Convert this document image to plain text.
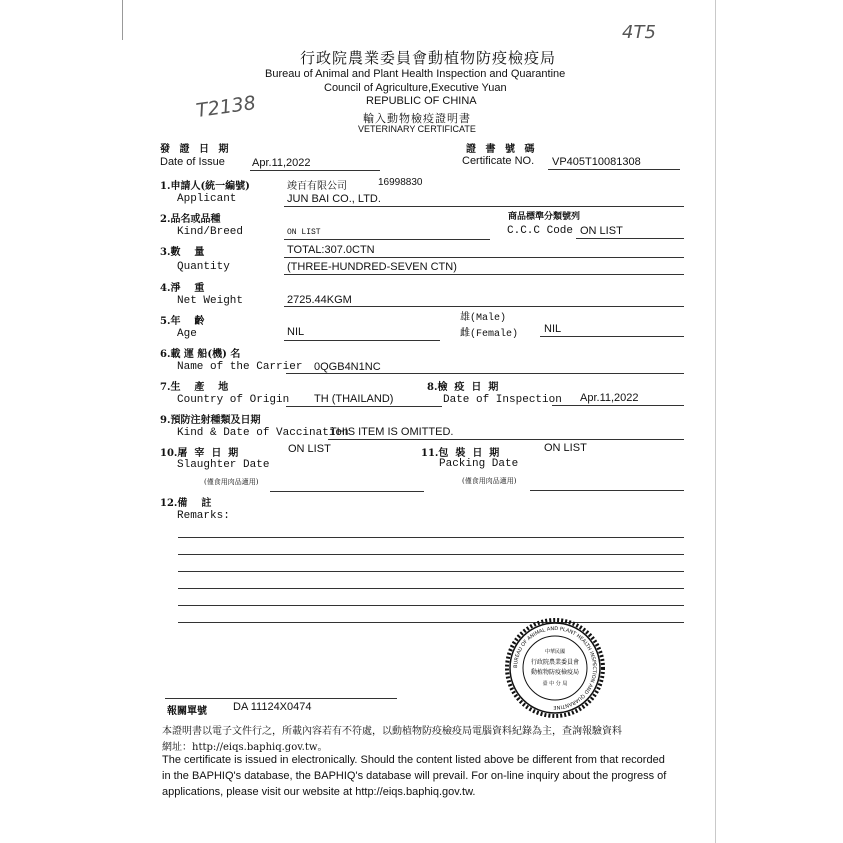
4T5
T2138
行政院農業委員會動植物防疫檢疫局
Bureau of Animal and Plant Health Inspection and Quarantine
Council of Agriculture,Executive Yuan
REPUBLIC OF CHINA
輸入動物檢疫證明書
VETERINARY CERTIFICATE
發 證 日 期
Date of Issue Apr.11,2022
證 書 號 碼
Certificate NO. VP405T10081308
1.申請人(統一編號)
Applicant
竣百有限公司	16998830
JUN BAI CO., LTD.
2.品名或品種
Kind/Breed	ON LIST
商品標準分類號列
C.C.C Code ON LIST
3.數    量
Quantity
TOTAL:307.0CTN
(THREE-HUNDRED-SEVEN CTN)
4.淨    重
Net Weight	2725.44KGM
5.年    齡
Age	NIL
雄(Male)
雌(Female) NIL
6.載 運 船(機) 名
Name of the Carrier 0QGB4N1NC
7.生    產    地
Country of Origin TH (THAILAND)
8.檢  疫  日  期
Date of Inspection Apr.11,2022
9.預防注射種類及日期
Kind & Date of Vaccination
THIS ITEM IS OMITTED.
10.屠  宰  日  期
Slaughter Date
ON LIST
(僅食用肉品適用)
11.包  裝  日  期
Packing Date
ON LIST
(僅食用肉品適用)
12.備    註
Remarks:
BUREAU OF ANIMAL AND PLANT HEALTH INSPECTION AND QUARANTINE
中華民國
行政院農業委員會
動植物防疫檢疫局
臺 中 分 局
報關單號 DA 11124X0474
本證明書以電子文件行之，所載內容若有不符處，以動植物防疫檢疫局電腦資料紀錄為主，查詢報驗資料
網址：http://eiqs.baphiq.gov.tw。
The certificate is issued in electronically. Should the content listed above be different from that recorded
in the BAPHIQ's database, the BAPHIQ's database will prevail. For on-line inquiry about the progress of
applications, please visit our website at http://eiqs.baphiq.gov.tw.
